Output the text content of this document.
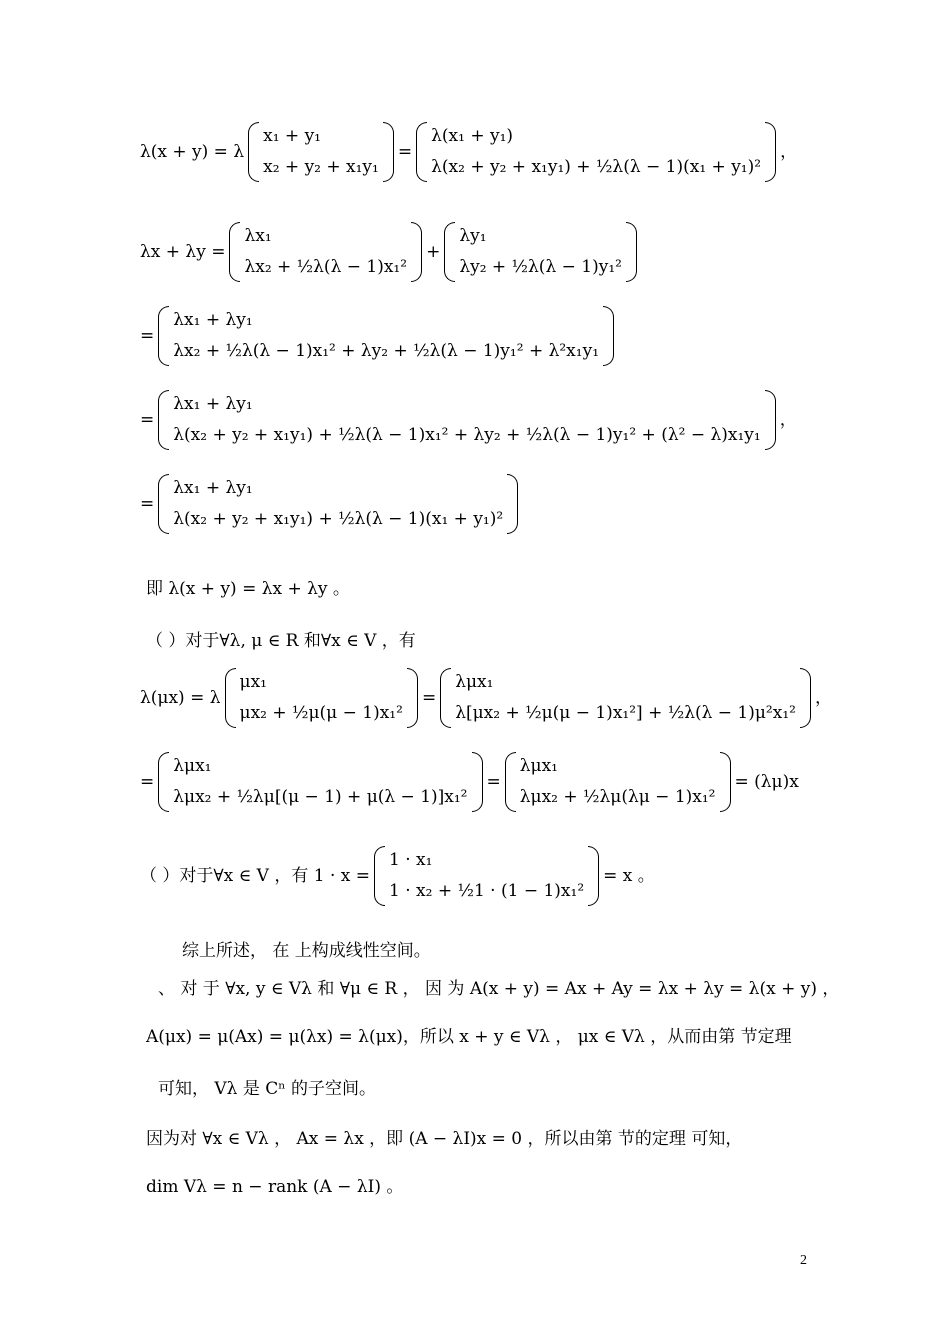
λ(x + y) = λ
x₁ + y₁
x₂ + y₂ + x₁y₁
=
λ(x₁ + y₁)
λ(x₂ + y₂ + x₁y₁) + ½λ(λ − 1)(x₁ + y₁)²
，
λx + λy =
λx₁
λx₂ + ½λ(λ − 1)x₁²
+
λy₁
λy₂ + ½λ(λ − 1)y₁²
=
λx₁ + λy₁
λx₂ + ½λ(λ − 1)x₁² + λy₂ + ½λ(λ − 1)y₁² + λ²x₁y₁
=
λx₁ + λy₁
λ(x₂ + y₂ + x₁y₁) + ½λ(λ − 1)x₁² + λy₂ + ½λ(λ − 1)y₁² + (λ² − λ)x₁y₁
，
=
λx₁ + λy₁
λ(x₂ + y₂ + x₁y₁) + ½λ(λ − 1)(x₁ + y₁)²
即 λ(x + y) = λx + λy 。
（ ）对于∀λ, μ ∈ R 和∀x ∈ V ，有
λ(μx) = λ
μx₁
μx₂ + ½μ(μ − 1)x₁²
=
λμx₁
λ[μx₂ + ½μ(μ − 1)x₁²] + ½λ(λ − 1)μ²x₁²
，
=
λμx₁
λμx₂ + ½λμ[(μ − 1) + μ(λ − 1)]x₁²
=
λμx₁
λμx₂ + ½λμ(λμ − 1)x₁²
= (λμ)x
（ ）对于∀x ∈ V ，有 1 · x =
1 · x₁
1 · x₂ + ½1 · (1 − 1)x₁²
= x 。
综上所述， 在 上构成线性空间。
、 对 于 ∀x, y ∈ Vλ 和 ∀μ ∈ R ， 因 为 A(x + y) = Ax + Ay = λx + λy = λ(x + y) ，
A(μx) = μ(Ax) = μ(λx) = λ(μx)，所以 x + y ∈ Vλ ， μx ∈ Vλ ，从而由第 节定理
可知， Vλ 是 Cⁿ 的子空间。
因为对 ∀x ∈ Vλ ， Ax = λx ，即 (A − λI)x = 0 ，所以由第 节的定理 可知，
dim Vλ = n − rank (A − λI) 。
2
